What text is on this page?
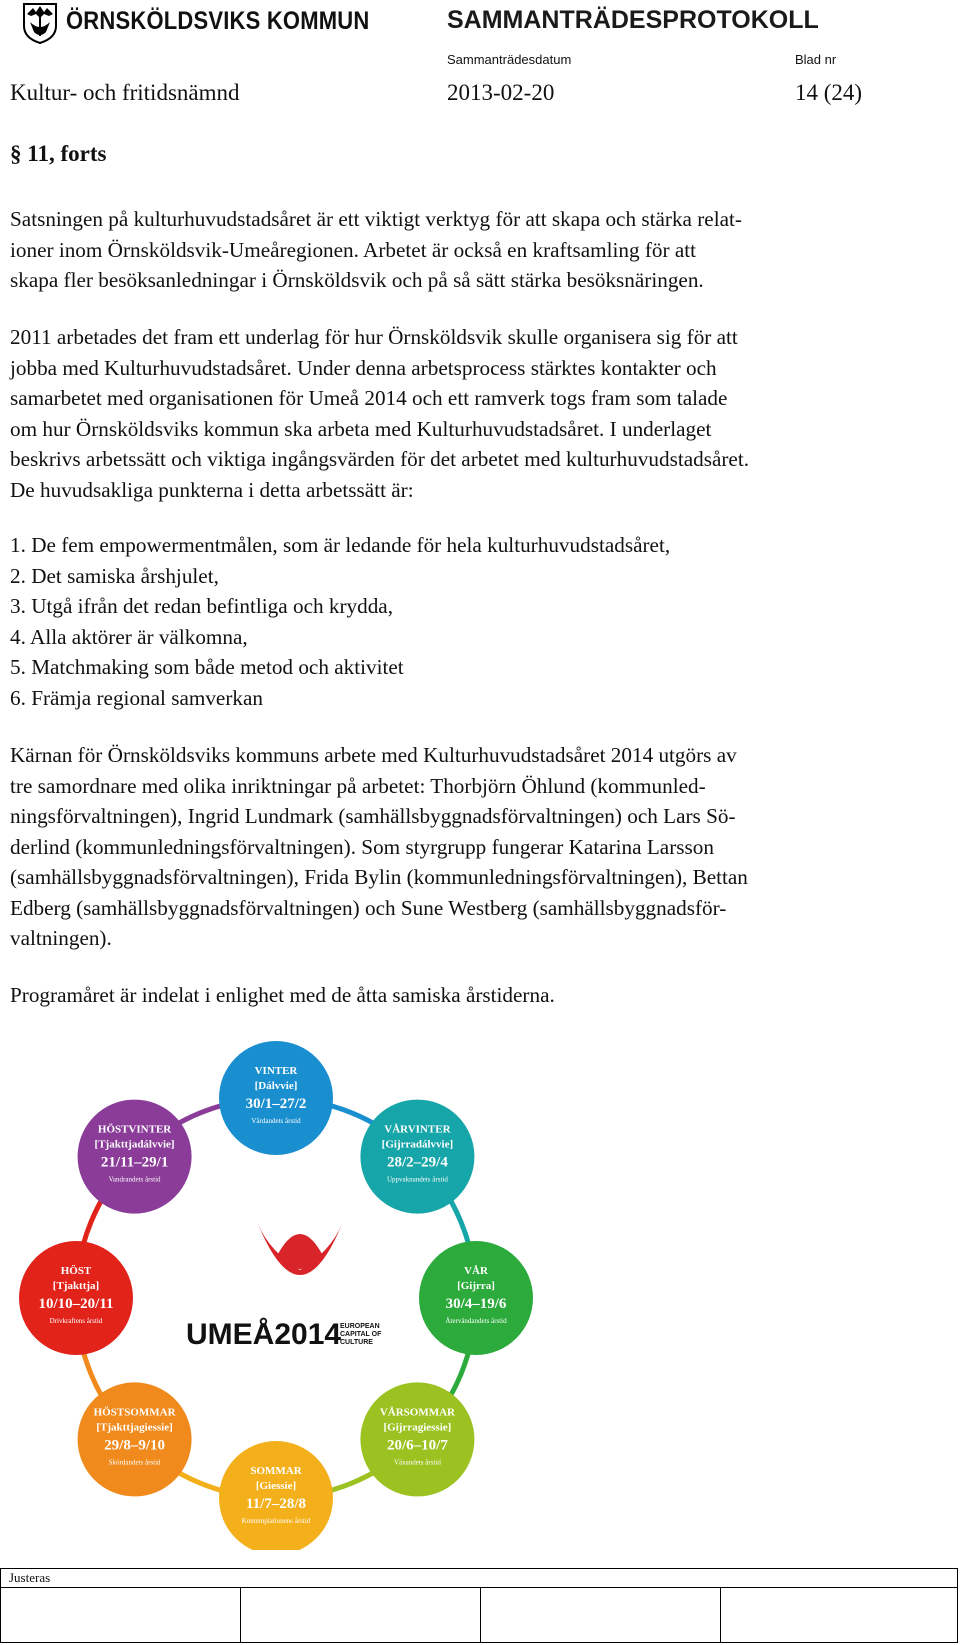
ÖRNSKÖLDSVIKS KOMMUN	SAMMANTRÄDESPROTOKOLL
Sammanträdesdatum	Blad nr
Kultur- och fritidsnämnd	2013-02-20	14 (24)
§ 11, forts
Satsningen på kulturhuvudstadsåret är ett viktigt verktyg för att skapa och stärka relat-
ioner inom Örnsköldsvik-Umeåregionen. Arbetet är också en kraftsamling för att
skapa fler besöksanledningar i Örnsköldsvik och på så sätt stärka besöksnäringen.
2011 arbetades det fram ett underlag för hur Örnsköldsvik skulle organisera sig för att
jobba med Kulturhuvudstadsåret. Under denna arbetsprocess stärktes kontakter och
samarbetet med organisationen för Umeå 2014 och ett ramverk togs fram som talade
om hur Örnsköldsviks kommun ska arbeta med Kulturhuvudstadsåret. I underlaget
beskrivs arbetssätt och viktiga ingångsvärden för det arbetet med kulturhuvudstadsåret.
De huvudsakliga punkterna i detta arbetssätt är:
1. De fem empowermentmålen, som är ledande för hela kulturhuvudstadsåret,
2. Det samiska årshjulet,
3. Utgå ifrån det redan befintliga och krydda,
4. Alla aktörer är välkomna,
5. Matchmaking som både metod och aktivitet
6. Främja regional samverkan
Kärnan för Örnsköldsviks kommuns arbete med Kulturhuvudstadsåret 2014 utgörs av
tre samordnare med olika inriktningar på arbetet: Thorbjörn Öhlund (kommunled-
ningsförvaltningen), Ingrid Lundmark (samhällsbyggnadsförvaltningen) och Lars Sö-
derlind (kommunledningsförvaltningen). Som styrgrupp fungerar Katarina Larsson
(samhällsbyggnadsförvaltningen), Frida Bylin (kommunledningsförvaltningen), Bettan
Edberg (samhällsbyggnadsförvaltningen) och Sune Westberg (samhällsbyggnadsför-
valtningen).
Programåret är indelat i enlighet med de åtta samiska årstiderna.
UMEÅ2014
EUROPEAN
CAPITAL OF
CULTURE
VINTER
[Dálvvie]
30/1–27/2
Vårdandets årstid
VÅRVINTER
[Gijrradálvvie]
28/2–29/4
Uppvaknandets årstid
VÅR
[Gijrra]
30/4–19/6
Återvändandets årstid
VÅRSOMMAR
[Gijrragiessie]
20/6–10/7
Växandets årstid
SOMMAR
[Giessie]
11/7–28/8
Kontemplationens årstid
HÖSTSOMMAR
[Tjakttjagiessie]
29/8–9/10
Skördandets årstid
HÖST
[Tjakttja]
10/10–20/11
Drivkraftens årstid
HÖSTVINTER
[Tjakttjadálvvie]
21/11–29/1
Vandrandets årstid
Justeras
